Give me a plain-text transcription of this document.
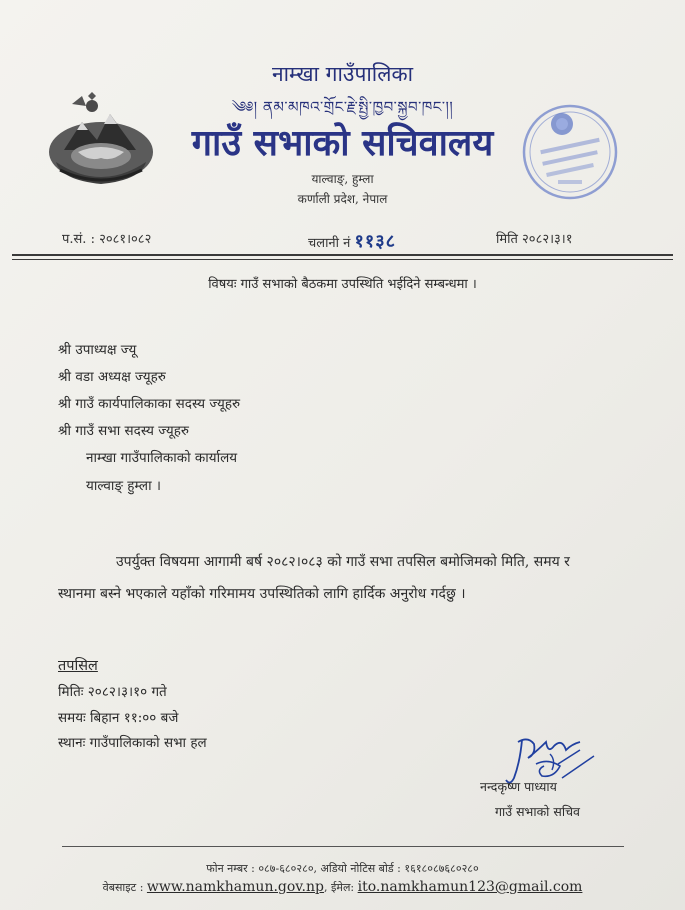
नाम्खा गाउँपालिका
༄༅། ནམ་མཁའ་གྲོང་རྗེ་སྤྱི་ཁྱབ་སྐྱབ་ཁང་།།
गाउँ सभाको सचिवालय
याल्वाङ्, हुम्ला
कर्णाली प्रदेश, नेपाल
प.सं. : २०८१।०८२	चलानी नं ११३८	मिति २०८२।३।१
विषयः गाउँ सभाको बैठकमा उपस्थिति भईदिने सम्बन्धमा ।
श्री उपाध्यक्ष ज्यू
श्री वडा अध्यक्ष ज्यूहरु
श्री गाउँ कार्यपालिकाका सदस्य ज्यूहरु
श्री गाउँ सभा सदस्य ज्यूहरु
नाम्खा गाउँपालिकाको कार्यालय
याल्वाङ् हुम्ला ।
उपर्युक्त विषयमा आगामी बर्ष २०८२।०८३ को गाउँ सभा तपसिल बमोजिमको मिति, समय र
स्थानमा बस्ने भएकाले यहाँको गरिमामय उपस्थितिको लागि हार्दिक अनुरोध गर्दछु ।
तपसिल
मितिः २०८२।३।१० गते
समयः बिहान ११:०० बजे
स्थानः गाउँपालिकाको सभा हल
नन्दकृष्ण पाध्याय
गाउँ सभाको सचिव
फोन नम्बर : ०८७-६८०२८०, अडियो नोटिस बोर्ड : १६१८०८७६८०२८०
वेबसाइट : www.namkhamun.gov.np, ईमेल: ito.namkhamun123@gmail.com
